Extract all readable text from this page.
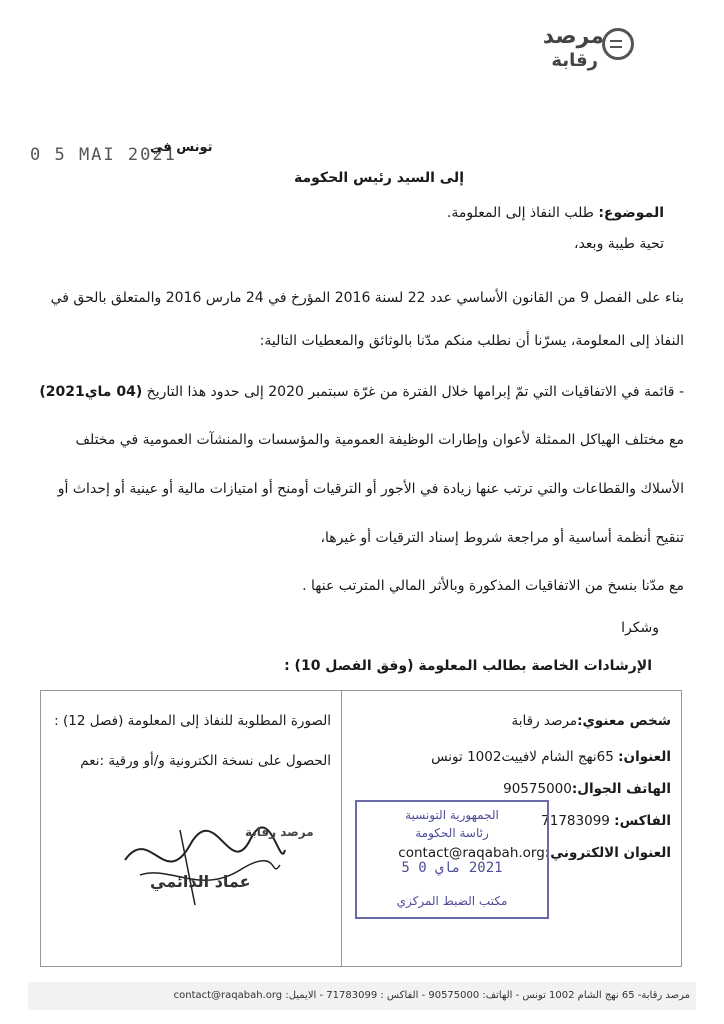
مرصد
رقابة
0 5 MAI 2021
تونس في
إلى السيد رئيس الحكومة
الموضوع: طلب النفاذ إلى المعلومة.
تحية طيبة وبعد،
بناء على الفصل 9 من القانون الأساسي عدد 22 لسنة 2016 المؤرخ في 24 مارس 2016 والمتعلق بالحق في
النفاذ إلى المعلومة، يسرّنا أن نطلب منكم مدّنا بالوثائق والمعطيات التالية:
- قائمة في الاتفاقيات التي تمّ إبرامها خلال الفترة من غرّة سبتمبر 2020 إلى حدود هذا التاريخ (04 ماي2021)
مع مختلف الهياكل الممثلة لأعوان وإطارات الوظيفة العمومية والمؤسسات والمنشآت العمومية في مختلف
الأسلاك والقطاعات والتي ترتب عنها زيادة في الأجور أو الترقيات أومنح أو امتيازات مالية أو عينية أو إحداث أو
تنقيح أنظمة أساسية أو مراجعة شروط إسناد الترقيات أو غيرها،
مع مدّنا بنسخ من الاتفاقيات المذكورة وبالأثر المالي المترتب عنها .
وشكرا
الإرشادات الخاصة بطالب المعلومة (وفق الفصل 10) :
شخص معنوي:مرصد رقابة
العنوان: 65نهج الشام لافييت1002 تونس
الهاتف الجوال:90575000
الفاكس: 71783099
العنوان الالكتروني:contact@raqabah.org
الصورة المطلوبة للنفاذ إلى المعلومة (فصل 12) :
الحصول على نسخة الكترونية و/أو ورقية :نعم
الجمهورية التونسية
رئاسة الحكومة
2021 ماي 0 5
مكتب الضبط المركزي
مرصد رقابة
عماد الدائمي
مرصد رقابة- 65 نهج الشام 1002 تونس - الهاتف: 90575000 - الفاكس : 71783099 - الايميل: contact@raqabah.org
